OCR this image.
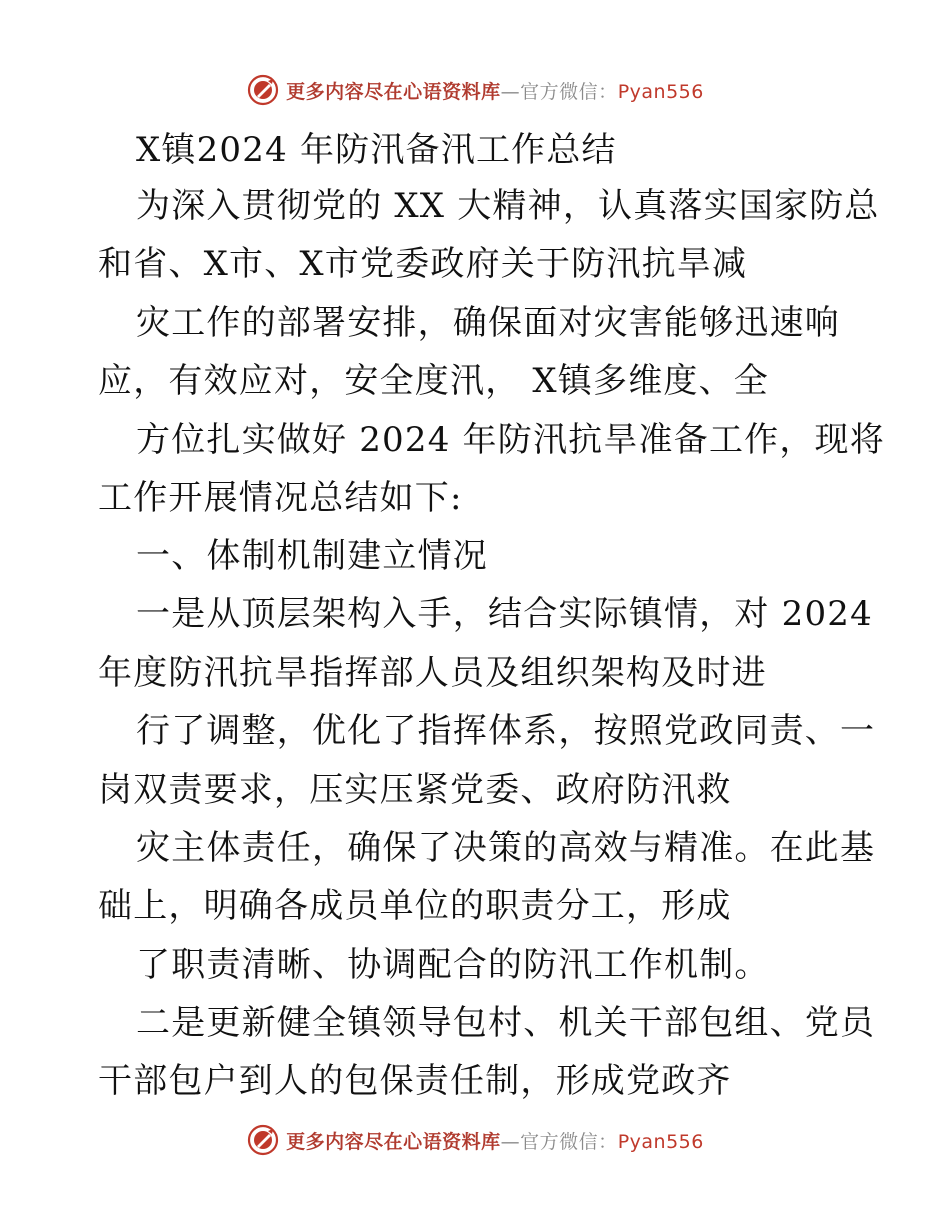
更多内容尽在心语资料库—官方微信：Pyan556
X镇2024 年防汛备汛工作总结
为深入贯彻党的 XX 大精神，认真落实国家防总
和省、X市、X市党委政府关于防汛抗旱减
灾工作的部署安排，确保面对灾害能够迅速响
应，有效应对，安全度汛， X镇多维度、全
方位扎实做好 2024 年防汛抗旱准备工作，现将
工作开展情况总结如下:
一、体制机制建立情况
一是从顶层架构入手，结合实际镇情，对 2024
年度防汛抗旱指挥部人员及组织架构及时进
行了调整，优化了指挥体系，按照党政同责、一
岗双责要求，压实压紧党委、政府防汛救
灾主体责任，确保了决策的高效与精准。在此基
础上，明确各成员单位的职责分工，形成
了职责清晰、协调配合的防汛工作机制。
二是更新健全镇领导包村、机关干部包组、党员
干部包户到人的包保责任制，形成党政齐
更多内容尽在心语资料库—官方微信：Pyan556
